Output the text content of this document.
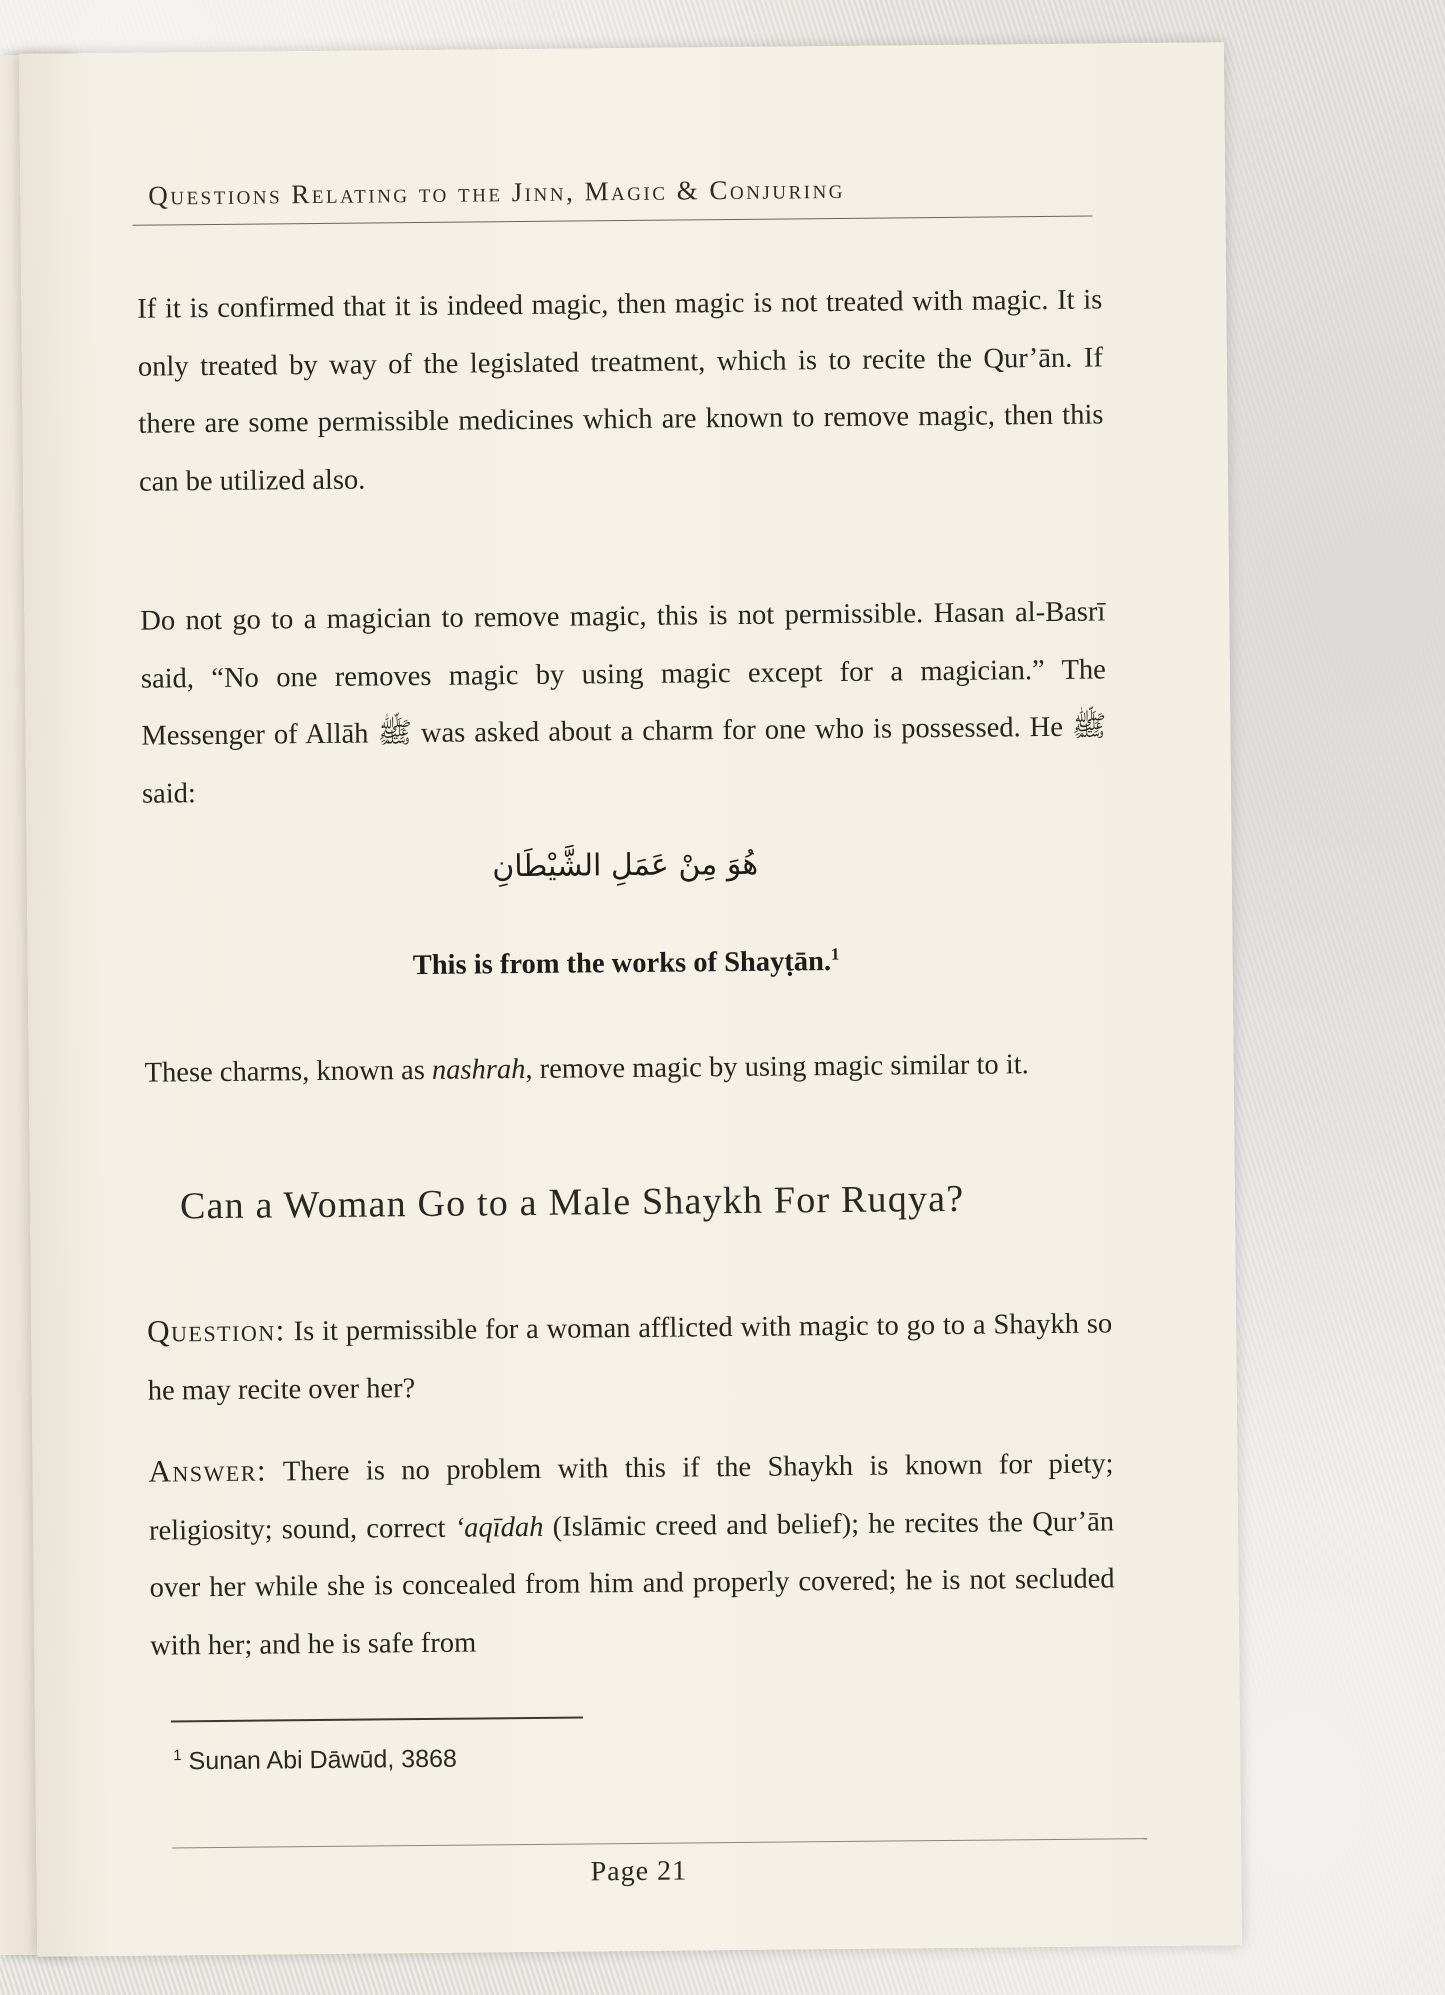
Questions Relating to the Jinn, Magic & Conjuring

If it is confirmed that it is indeed magic, then magic is not treated with magic. It is only treated by way of the legislated treatment, which is to recite the Qur’ān. If there are some permissible medicines which are known to remove magic, then this can be utilized also.

Do not go to a magician to remove magic, this is not permissible. Hasan al-Basrī said, “No one removes magic by using magic except for a magician.” The Messenger of Allāh ﷺ was asked about a charm for one who is possessed. He ﷺ said:

هُوَ مِنْ عَمَلِ الشَّيْطَانِ
This is from the works of Shayṭān.$^1$

These charms, known as nashrah, remove magic by using magic similar to it.

Can a Woman Go to a Male Shaykh For Ruqya?

Question: Is it permissible for a woman afflicted with magic to go to a Shaykh so he may recite over her?

Answer: There is no problem with this if the Shaykh is known for piety; religiosity; sound, correct ‘aqīdah (Islāmic creed and belief); he recites the Qur’ān over her while she is concealed from him and properly covered; he is not secluded with her; and he is safe from

$^1$ Sunan Abi Dāwūd, 3868
Page 21
